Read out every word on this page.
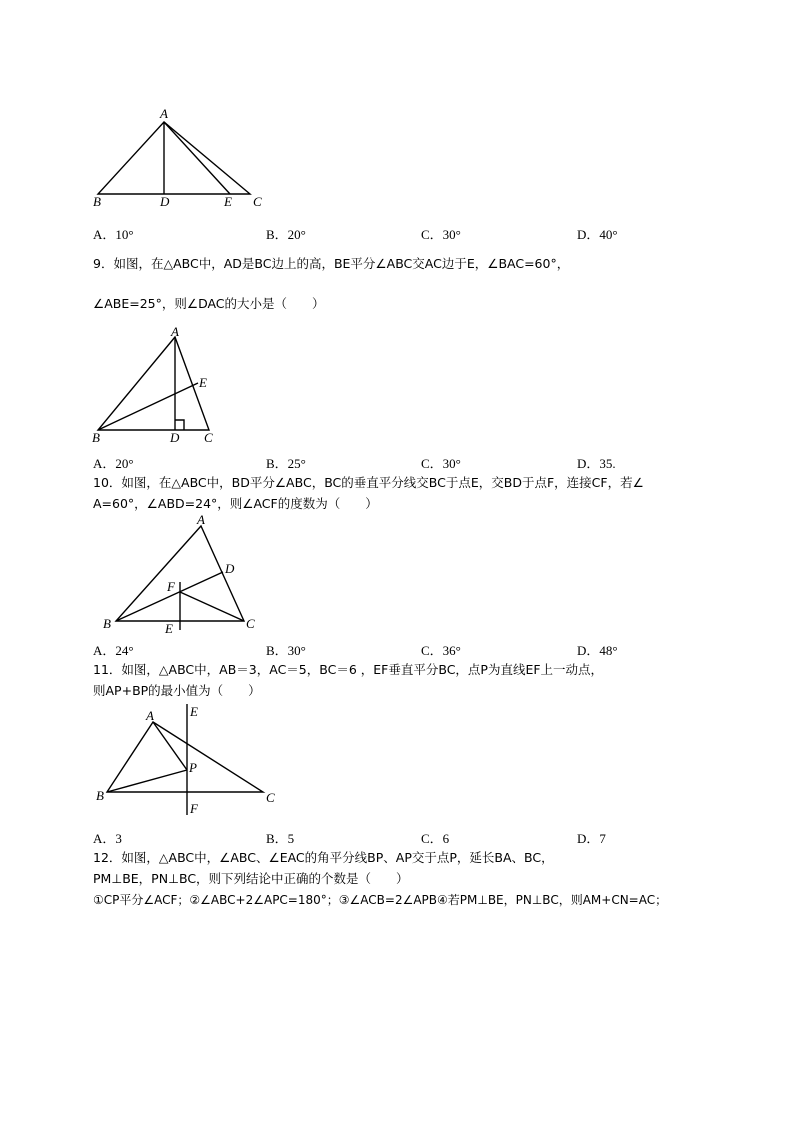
A
B	D	E C
A．10°	B．20°	C．30°	D．40°
9．如图，在△ABC中，AD是BC边上的高，BE平分∠ABC交AC边于E，∠BAC=60°，
∠ABE=25°，则∠DAC的大小是（　　）
A
E
B	D C
A．20°	B．25°	C．30°	D．35.
10．如图，在△ABC中，BD平分∠ABC，BC的垂直平分线交BC于点E，交BD于点F，连接CF，若∠
A=60°，∠ABD=24°，则∠ACF的度数为（　　）
A
D
F
B	C
E
A．24°	B．30°	C．36°	D．48°
11．如图，△ABC中，AB＝3，AC＝5，BC＝6 ，EF垂直平分BC，点P为直线EF上一动点，
则AP+BP的最小值为（　　）
A	E
P
B	C
F
A．3	B．5	C．6	D．7
12．如图，△ABC中，∠ABC、∠EAC的角平分线BP、AP交于点P，延长BA、BC，
PM⊥BE，PN⊥BC，则下列结论中正确的个数是（　　）
①CP平分∠ACF；②∠ABC+2∠APC=180°；③∠ACB=2∠APB④若PM⊥BE，PN⊥BC，则AM+CN=AC；
